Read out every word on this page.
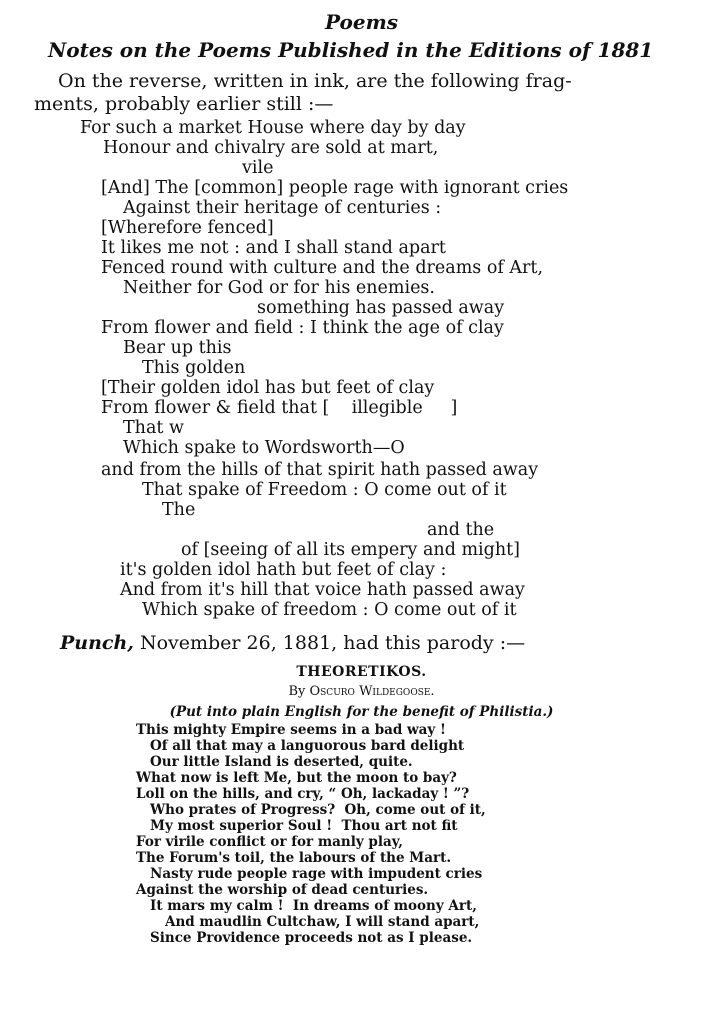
Poems
Notes on the Poems Published in the Editions of 1881
On the reverse, written in ink, are the following frag-
ments, probably earlier still :—
For such a market House where day by day
Honour and chivalry are sold at mart,
vile
[And] The [common] people rage with ignorant cries
Against their heritage of centuries :
[Wherefore fenced]
It likes me not : and I shall stand apart
Fenced round with culture and the dreams of Art,
Neither for God or for his enemies.
something has passed away
From flower and field : I think the age of clay
Bear up this
This golden
[Their golden idol has but feet of clay
From flower & field that [    illegible     ]
That w
Which spake to Wordsworth—O
and from the hills of that spirit hath passed away
That spake of Freedom : O come out of it
The
and the
of [seeing of all its empery and might]
it's golden idol hath but feet of clay :
And from it's hill that voice hath passed away
Which spake of freedom : O come out of it
Punch, November 26, 1881, had this parody :—
THEORETIKOS.
By Oscuro Wildegoose.
(Put into plain English for the benefit of Philistia.)
This mighty Empire seems in a bad way !
Of all that may a languorous bard delight
Our little Island is deserted, quite.
What now is left Me, but the moon to bay?
Loll on the hills, and cry, “ Oh, lackaday ! ”?
Who prates of Progress?  Oh, come out of it,
My most superior Soul !  Thou art not fit
For virile conflict or for manly play,
The Forum's toil, the labours of the Mart.
Nasty rude people rage with impudent cries
Against the worship of dead centuries.
It mars my calm !  In dreams of moony Art,
And maudlin Cultchaw, I will stand apart,
Since Providence proceeds not as I please.
